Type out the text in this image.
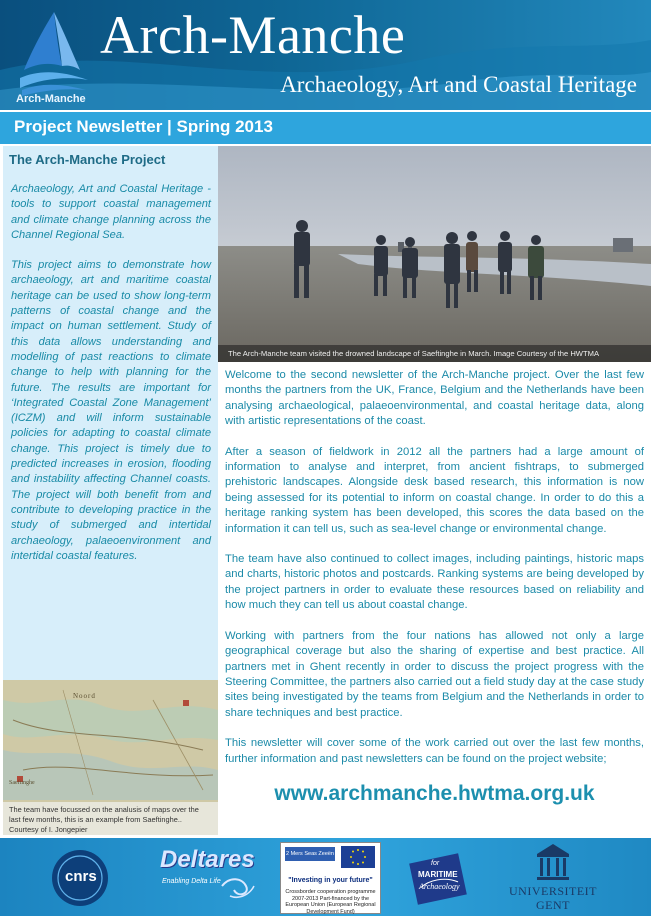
Arch-Manche
Arch-Manche
Archaeology, Art and Coastal Heritage
Project Newsletter | Spring 2013
The Arch-Manche Project

Archaeology, Art and Coastal Heritage - tools to support coastal management and climate change planning across the Channel Regional Sea.

This project aims to demonstrate how archaeology, art and maritime coastal heritage can be used to show long-term patterns of coastal change and the impact on human settlement. Study of this data allows understanding and modelling of past reactions to climate change to help with planning for the future. The results are important for ‘Integrated Coastal Zone Management’ (ICZM) and will inform sustainable policies for adapting to coastal climate change. This project is timely due to predicted increases in erosion, flooding and instability affecting Channel coasts. The project will both benefit from and contribute to developing practice in the study of submerged and intertidal archaeology, palaeoenvironment and intertidal coastal features.

Noord
Saeftinghe
The team have focussed on the analusis of maps over the last few months, this is an example from Saeftinghe.. Courtesy of I. Jongepier
The Arch-Manche team visited the drowned landscape of Saeftinghe in March. Image Courtesy of the HWTMA

Welcome to the second newsletter of the Arch-Manche project. Over the last few months the partners from the UK, France, Belgium and the Netherlands have been analysing archaeological, palaeoenvironmental, and coastal heritage data, along with artistic representations of the coast.

After a season of fieldwork in 2012 all the partners had a large amount of information to analyse and interpret, from ancient fishtraps, to submerged prehistoric landscapes. Alongside desk based research, this information is now being assessed for its potential to inform on coastal change. In order to do this a heritage ranking system has been developed, this scores the data based on the information it can tell us, such as sea-level change or environmental change.

The team have also continued to collect images, including paintings, historic maps and charts, historic photos and postcards. Ranking systems are being developed by the project partners in order to evaluate these resources based on reliability and how much they can tell us about coastal change.

Working with partners from the four nations has allowed not only a large geographical coverage but also the sharing of expertise and best practice. All partners met in Ghent recently in order to discuss the project progress with the Steering Committee, the partners also carried out a field study day at the case study sites being investigated by the teams from Belgium and the Netherlands in order to share techniques and best practice.

This newsletter will cover some of the work carried out over the last few months, further information and past newsletters can be found on the project website;

www.archmanche.hwtma.org.uk
cnrs
Deltares
Enabling Delta Life
2 Mers Seas Zeeën
"Investing in your future"
Crossborder cooperation programme 2007-2013 Part-financed by the European Union (European Regional Development Fund)
for
MARITIME
Archaeology	UNIVERSITEIT
GENT
